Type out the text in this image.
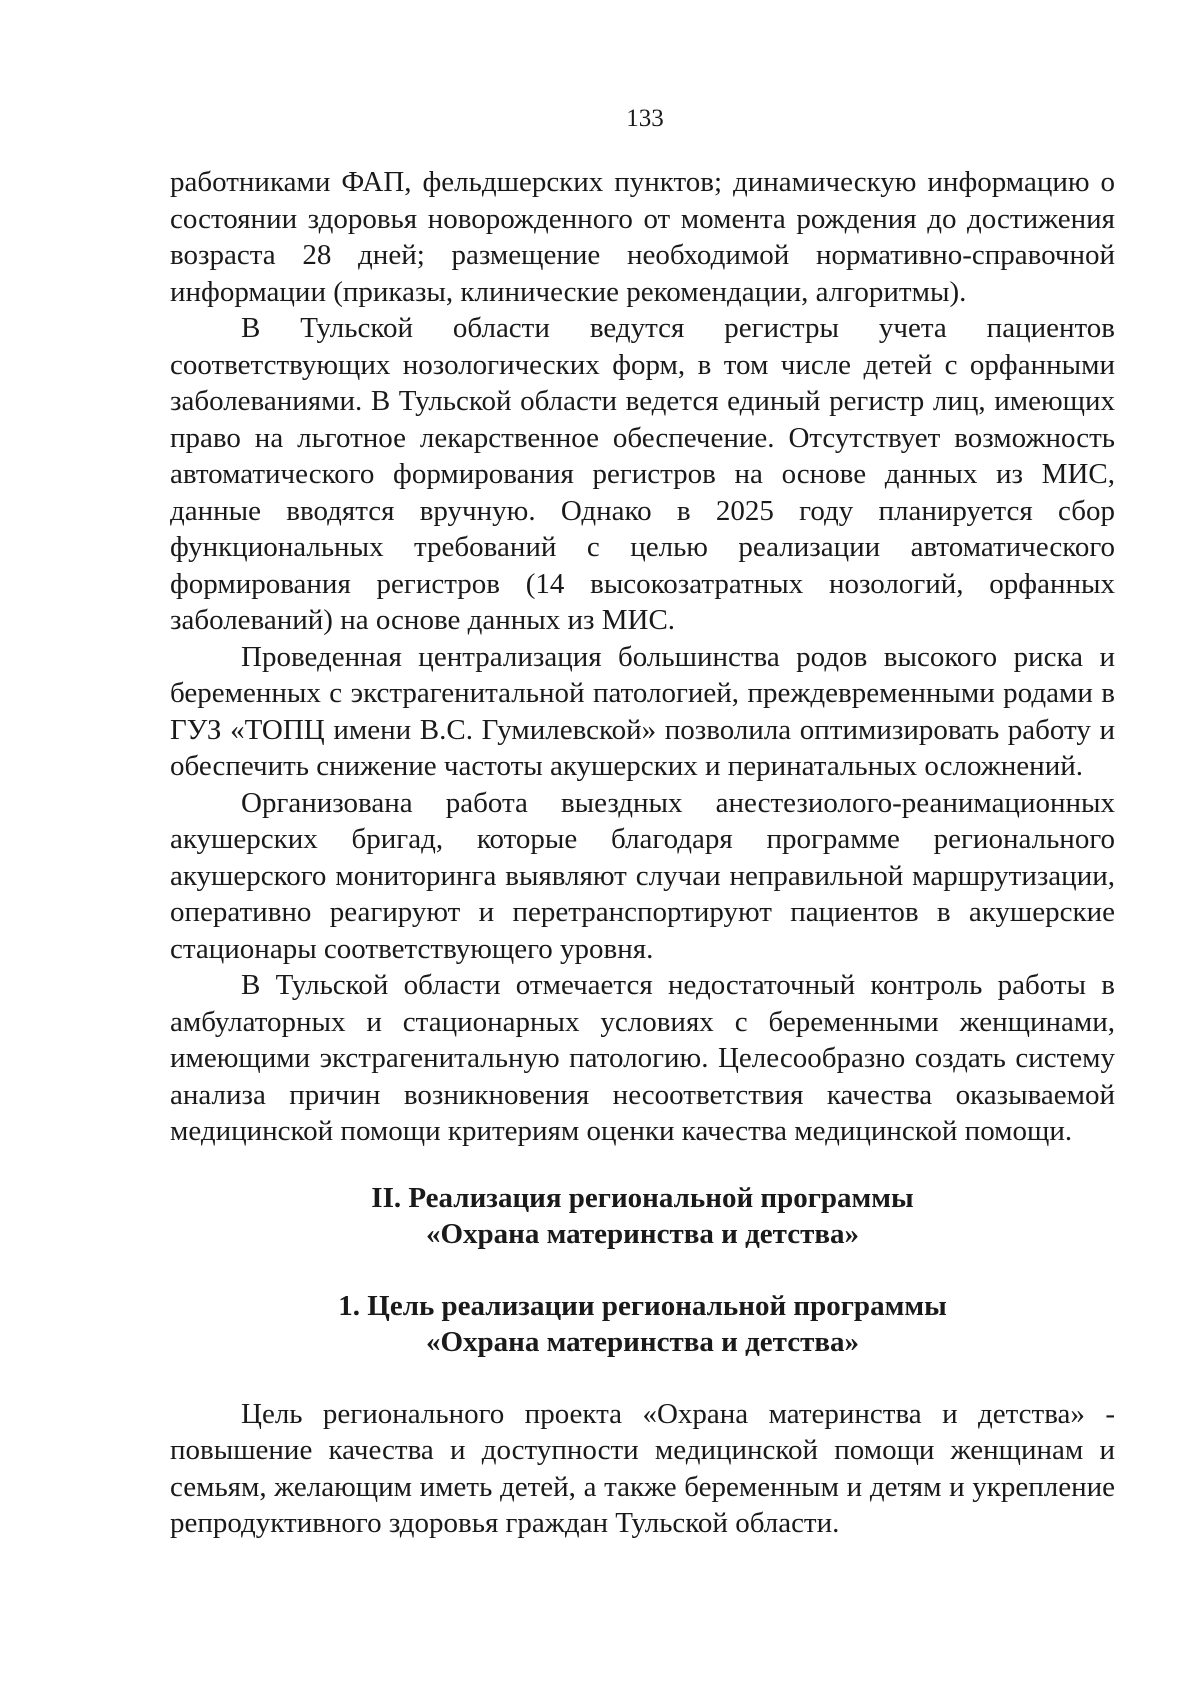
133

работниками ФАП, фельдшерских пунктов; динамическую информацию о состоянии здоровья новорожденного от момента рождения до достижения возраста 28 дней; размещение необходимой нормативно-справочной информации (приказы, клинические рекомендации, алгоритмы).

В Тульской области ведутся регистры учета пациентов соответствующих нозологических форм, в том числе детей с орфанными заболеваниями. В Тульской области ведется единый регистр лиц, имеющих право на льготное лекарственное обеспечение. Отсутствует возможность автоматического формирования регистров на основе данных из МИС, данные вводятся вручную. Однако в 2025 году планируется сбор функциональных требований с целью реализации автоматического формирования регистров (14 высокозатратных нозологий, орфанных заболеваний) на основе данных из МИС.

Проведенная централизация большинства родов высокого риска и беременных с экстрагенитальной патологией, преждевременными родами в ГУЗ «ТОПЦ имени В.С. Гумилевской» позволила оптимизировать работу и обеспечить снижение частоты акушерских и перинатальных осложнений.

Организована работа выездных анестезиолого-реанимационных акушерских бригад, которые благодаря программе регионального акушерского мониторинга выявляют случаи неправильной маршрутизации, оперативно реагируют и перетранспортируют пациентов в акушерские стационары соответствующего уровня.

В Тульской области отмечается недостаточный контроль работы в амбулаторных и стационарных условиях с беременными женщинами, имеющими экстрагенитальную патологию. Целесообразно создать систему анализа причин возникновения несоответствия качества оказываемой медицинской помощи критериям оценки качества медицинской помощи.

II. Реализация региональной программы
«Охрана материнства и детства»
1. Цель реализации региональной программы
«Охрана материнства и детства»

Цель регионального проекта «Охрана материнства и детства» - повышение качества и доступности медицинской помощи женщинам и семьям, желающим иметь детей, а также беременным и детям и укрепление репродуктивного здоровья граждан Тульской области.
